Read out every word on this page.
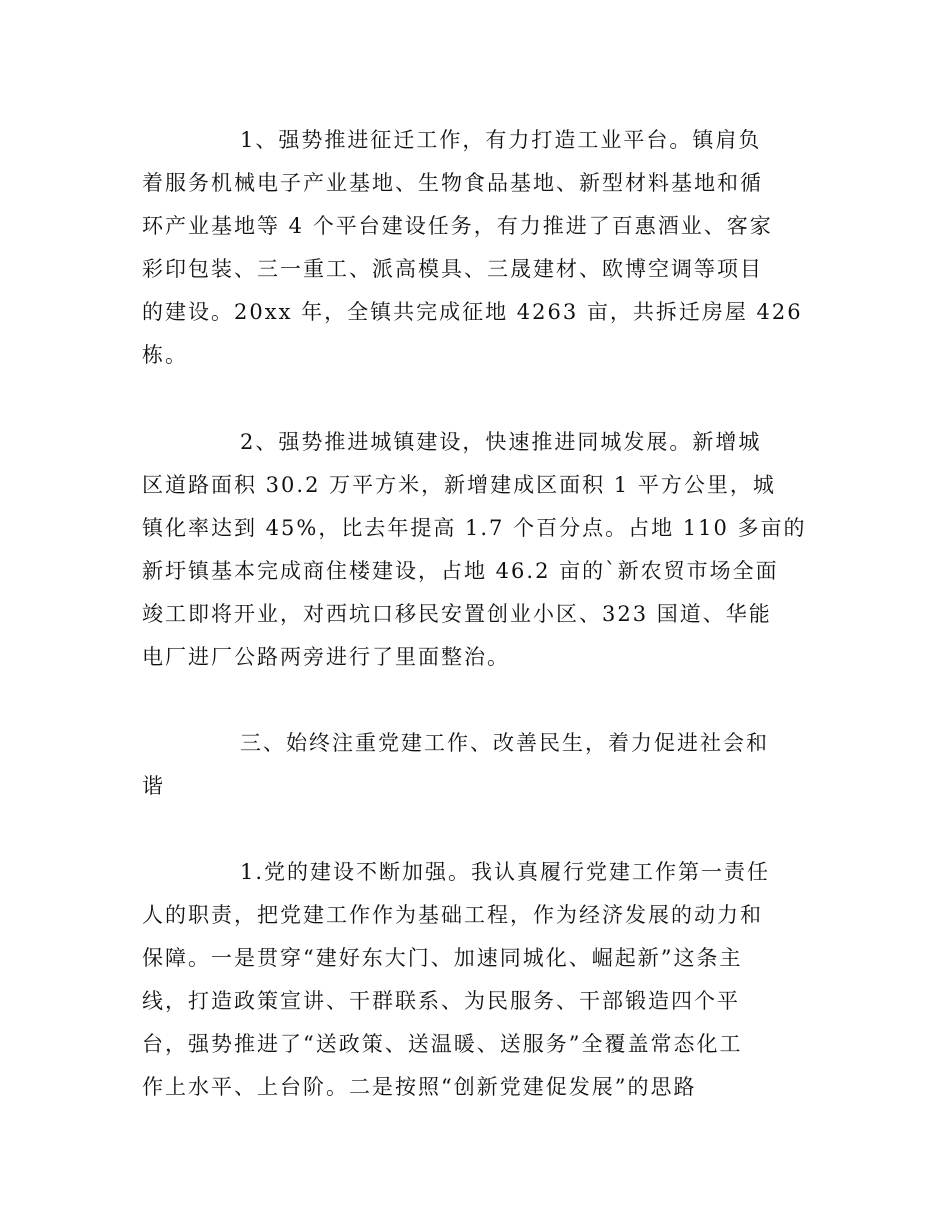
1、强势推进征迁工作，有力打造工业平台。镇肩负
着服务机械电子产业基地、生物食品基地、新型材料基地和循
环产业基地等 4 个平台建设任务，有力推进了百惠酒业、客家
彩印包装、三一重工、派高模具、三晟建材、欧博空调等项目
的建设。20xx 年，全镇共完成征地 4263 亩，共拆迁房屋 426
栋。
2、强势推进城镇建设，快速推进同城发展。新增城
区道路面积 30.2 万平方米，新增建成区面积 1 平方公里，城
镇化率达到 45%，比去年提高 1.7 个百分点。占地 110 多亩的
新圩镇基本完成商住楼建设，占地 46.2 亩的`新农贸市场全面
竣工即将开业，对西坑口移民安置创业小区、323 国道、华能
电厂进厂公路两旁进行了里面整治。
三、始终注重党建工作、改善民生，着力促进社会和
谐
1.党的建设不断加强。我认真履行党建工作第一责任
人的职责，把党建工作作为基础工程，作为经济发展的动力和
保障。一是贯穿“建好东大门、加速同城化、崛起新”这条主
线，打造政策宣讲、干群联系、为民服务、干部锻造四个平
台，强势推进了“送政策、送温暖、送服务”全覆盖常态化工
作上水平、上台阶。二是按照“创新党建促发展”的思路
